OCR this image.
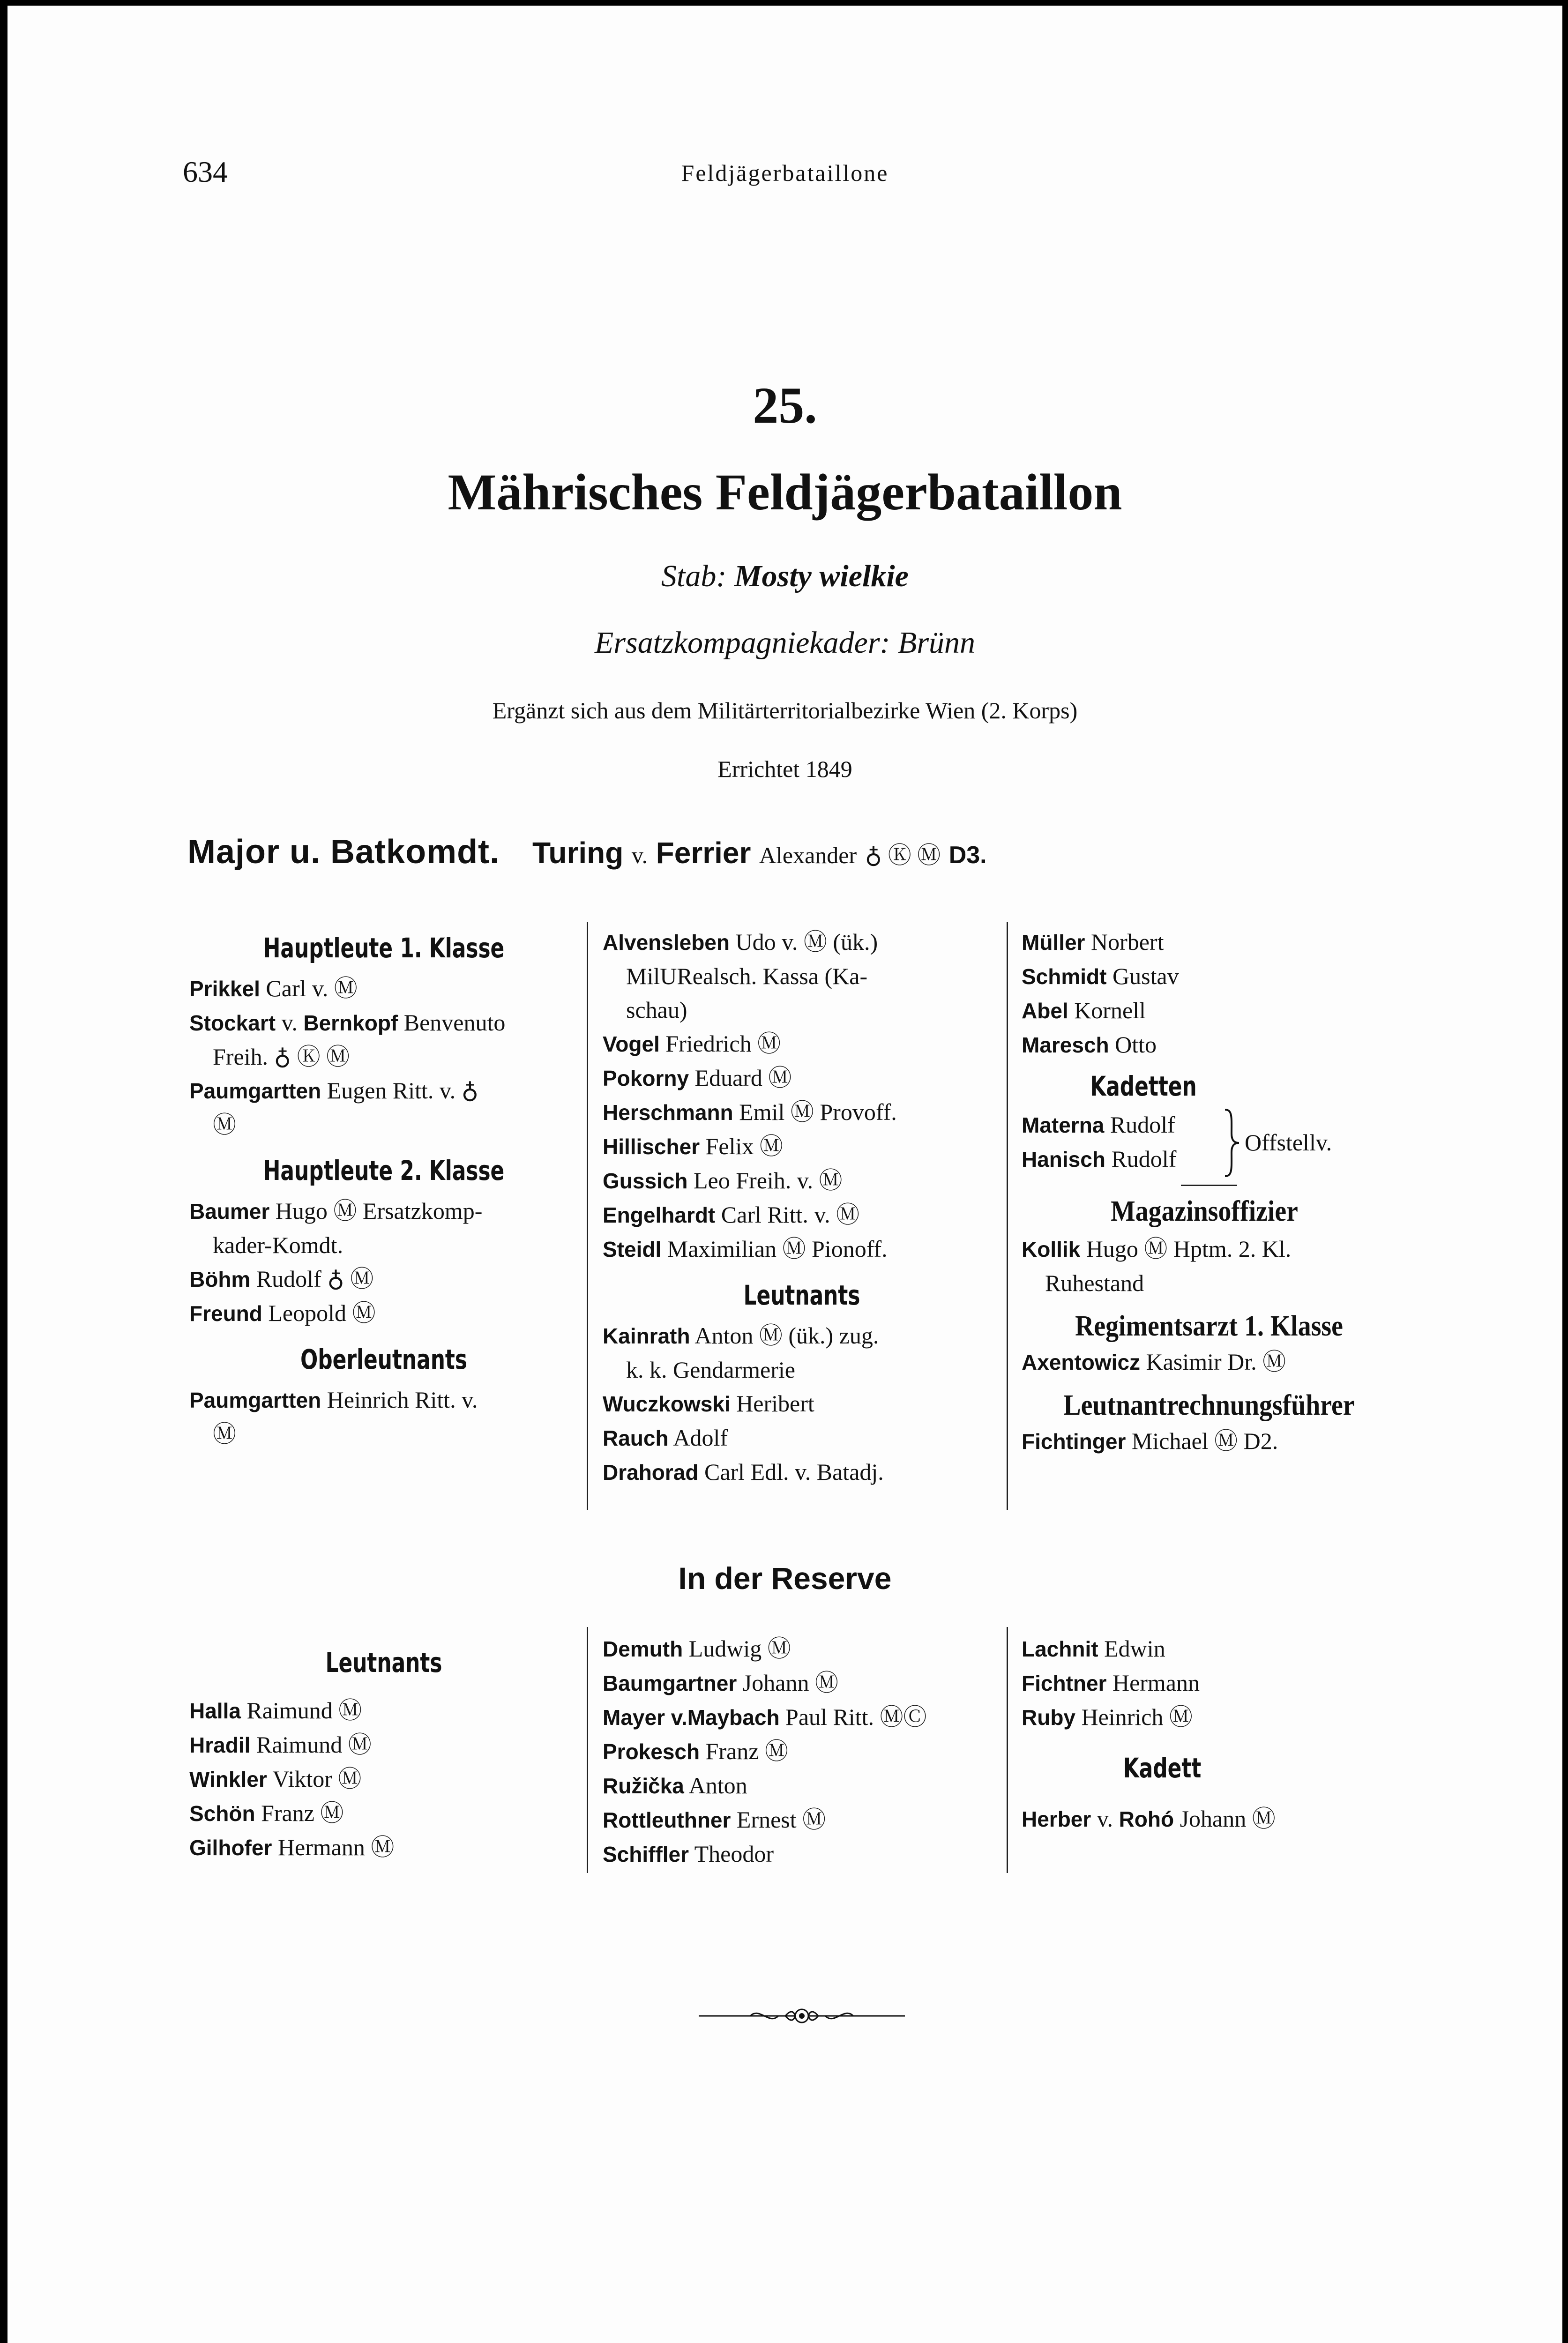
634	Feldjägerbataillone
25.
Mährisches Feldjägerbataillon
Stab: Mosty wielkie
Ersatzkompagniekader: Brünn
Ergänzt sich aus dem Militärterritorialbezirke Wien (2. Korps)
Errichtet 1849
Major u. Batkomdt. Turing v. Ferrier Alexander ♁ Ⓚ Ⓜ D3.
Hauptleute 1. Klasse
Prikkel Carl v. Ⓜ
Stockart v. Bernkopf Benvenuto
Freih. ♁ Ⓚ Ⓜ
Paumgartten Eugen Ritt. v. ♁
Ⓜ
Hauptleute 2. Klasse
Baumer Hugo Ⓜ Ersatzkomp-
kader-Komdt.
Böhm Rudolf ♁ Ⓜ
Freund Leopold Ⓜ
Oberleutnants
Paumgartten Heinrich Ritt. v.
Ⓜ
Alvensleben Udo v. Ⓜ (ük.)
MilURealsch. Kassa (Ka-
schau)
Vogel Friedrich Ⓜ
Pokorny Eduard Ⓜ
Herschmann Emil Ⓜ Provoff.
Hillischer Felix Ⓜ
Gussich Leo Freih. v. Ⓜ
Engelhardt Carl Ritt. v. Ⓜ
Steidl Maximilian Ⓜ Pionoff.
Leutnants
Kainrath Anton Ⓜ (ük.) zug.
k. k. Gendarmerie
Wuczkowski Heribert
Rauch Adolf
Drahorad Carl Edl. v. Batadj.
Müller Norbert
Schmidt Gustav
Abel Kornell
Maresch Otto
Kadetten
Materna Rudolf
Hanisch Rudolf
Offstellv.
Magazinsoffizier
Kollik Hugo Ⓜ Hptm. 2. Kl.
Ruhestand
Regimentsarzt 1. Klasse
Axentowicz Kasimir Dr. Ⓜ
Leutnantrechnungsführer
Fichtinger Michael Ⓜ D2.
In der Reserve
Leutnants
Halla Raimund Ⓜ
Hradil Raimund Ⓜ
Winkler Viktor Ⓜ
Schön Franz Ⓜ
Gilhofer Hermann Ⓜ
Demuth Ludwig Ⓜ
Baumgartner Johann Ⓜ
Mayer v.Maybach Paul Ritt. ⓂⒸ
Prokesch Franz Ⓜ
Ružička Anton
Rottleuthner Ernest Ⓜ
Schiffler Theodor
Lachnit Edwin
Fichtner Hermann
Ruby Heinrich Ⓜ
Kadett
Herber v. Rohó Johann Ⓜ
